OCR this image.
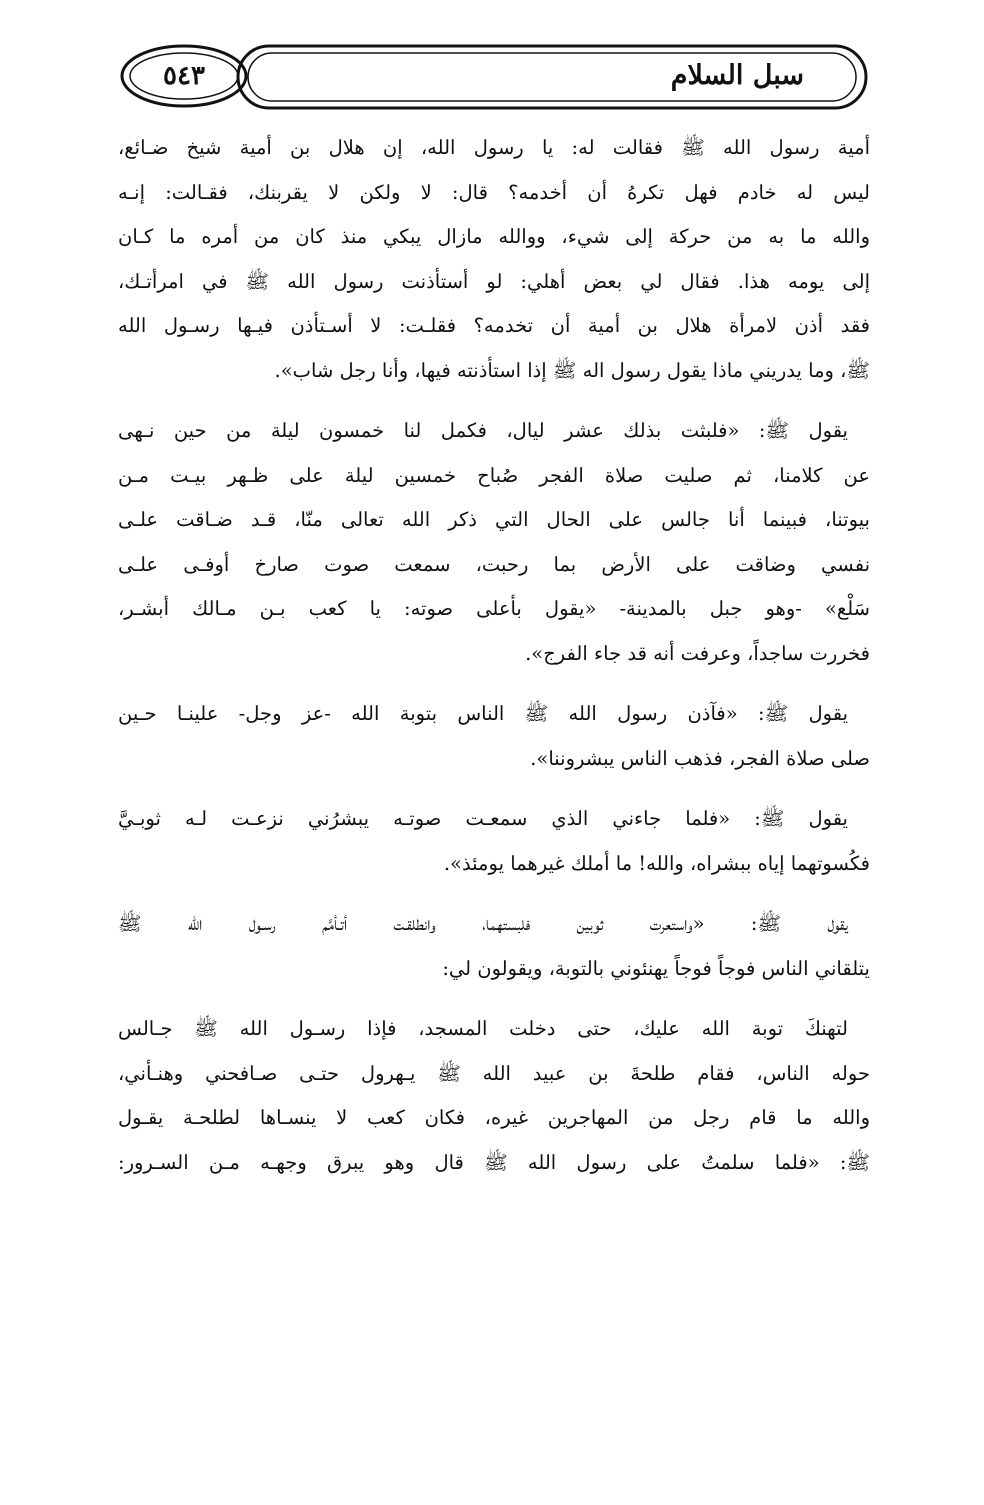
٥٤٣	سبل السلام

أمية رسول الله ﷺ فقالت له: يا رسول الله، إن هلال بن أمية شيخ ضـائع،
ليس له خادم فهل تكرهُ أن أخدمه؟ قال: لا ولكن لا يقربنك، فقـالت: إنـه
والله ما به من حركة إلى شيء، ووالله مازال يبكي منذ كان من أمره ما كـان
إلى يومه هذا. فقال لي بعض أهلي: لو أستأذنت رسول الله ﷺ في امرأتـك،
فقد أذن لامرأة هلال بن أمية أن تخدمه؟ فقلـت: لا أسـتأذن فيـها رسـول الله
ﷺ، وما يدريني ماذا يقول رسول اله ﷺ إذا استأذنته فيها، وأنا رجل شاب».

يقول ﷺ: «فلبثت بذلك عشر ليال، فكمل لنا خمسون ليلة من حين نـهى
عن كلامنا، ثم صليت صلاة الفجر صُباح خمسين ليلة على ظـهر بيـت مـن
بيوتنا، فبينما أنا جالس على الحال التي ذكر الله تعالى منّا، قـد ضـاقت علـى
نفسي وضاقت على الأرض بما رحبت، سمعت صوت صارخ أوفـى علـى
سَلْع» -وهو جبل بالمدينة- «يقول بأعلى صوته: يا كعب بـن مـالك أبشـر،
فخررت ساجداً، وعرفت أنه قد جاء الفرج».

يقول ﷺ: «فآذن رسول الله ﷺ الناس بتوبة الله -عز وجل- علينـا حـين
صلى صلاة الفجر، فذهب الناس يبشروننا».

يقول ﷺ: «فلما جاءني الذي سمعـت صوتـه يبشرُني نزعـت لـه ثوبـيَّ
فكُسوتهما إياه ببشراه، والله! ما أملك غيرهما يومئذ».

يقول ﷺ: «واستعرت ثوبين فلبستهما، وانطلقـت أتـأمَّم رسـول الله ﷺ
يتلقاني الناس فوجاً فوجاً يهنئوني بالتوبة، ويقولون لي:

لتهنكَ توبة الله عليك، حتى دخلت المسجد، فإذا رسـول الله ﷺ جـالس
حوله الناس، فقام طلحةَ بن عبيد الله ﷺ يـهرول حتـى صـافحني وهنـأني،
والله ما قام رجل من المهاجرين غيره، فكان كعب لا ينسـاها لطلحـة يقـول
ﷺ: «فلما سلمتُ على رسول الله ﷺ قال وهو يبرق وجهـه مـن السـرور:
